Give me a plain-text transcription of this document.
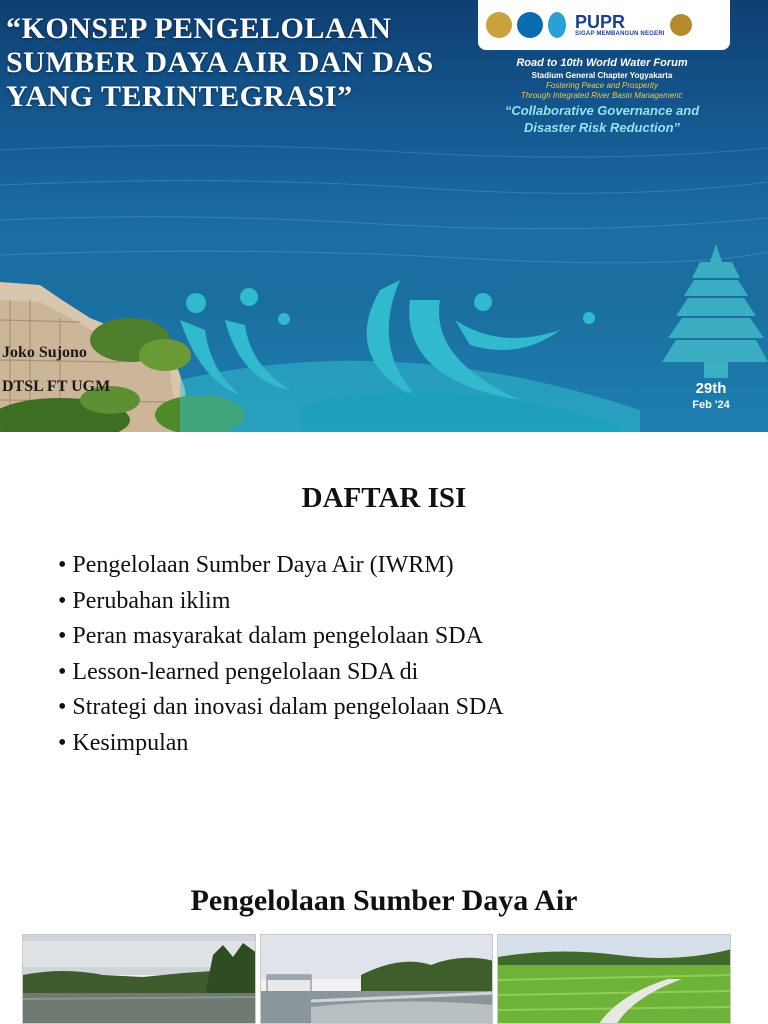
“KONSEP PENGELOLAAN SUMBER DAYA AIR DAN DAS YANG TERINTEGRASI”
PUPR
SIGAP MEMBANGUN NEGERI
Road to 10th World Water Forum
Stadium General Chapter Yogyakarta
Fostering Peace and Prosperity
Through Integrated River Basin Management:
“Collaborative Governance and
Disaster Risk Reduction”
Joko Sujono
DTSL FT UGM	29th
Feb '24
DAFTAR ISI
• Pengelolaan Sumber Daya Air (IWRM)
• Perubahan iklim
• Peran masyarakat dalam pengelolaan SDA
• Lesson-learned pengelolaan SDA di
• Strategi dan inovasi dalam pengelolaan SDA
• Kesimpulan
Pengelolaan Sumber Daya Air
